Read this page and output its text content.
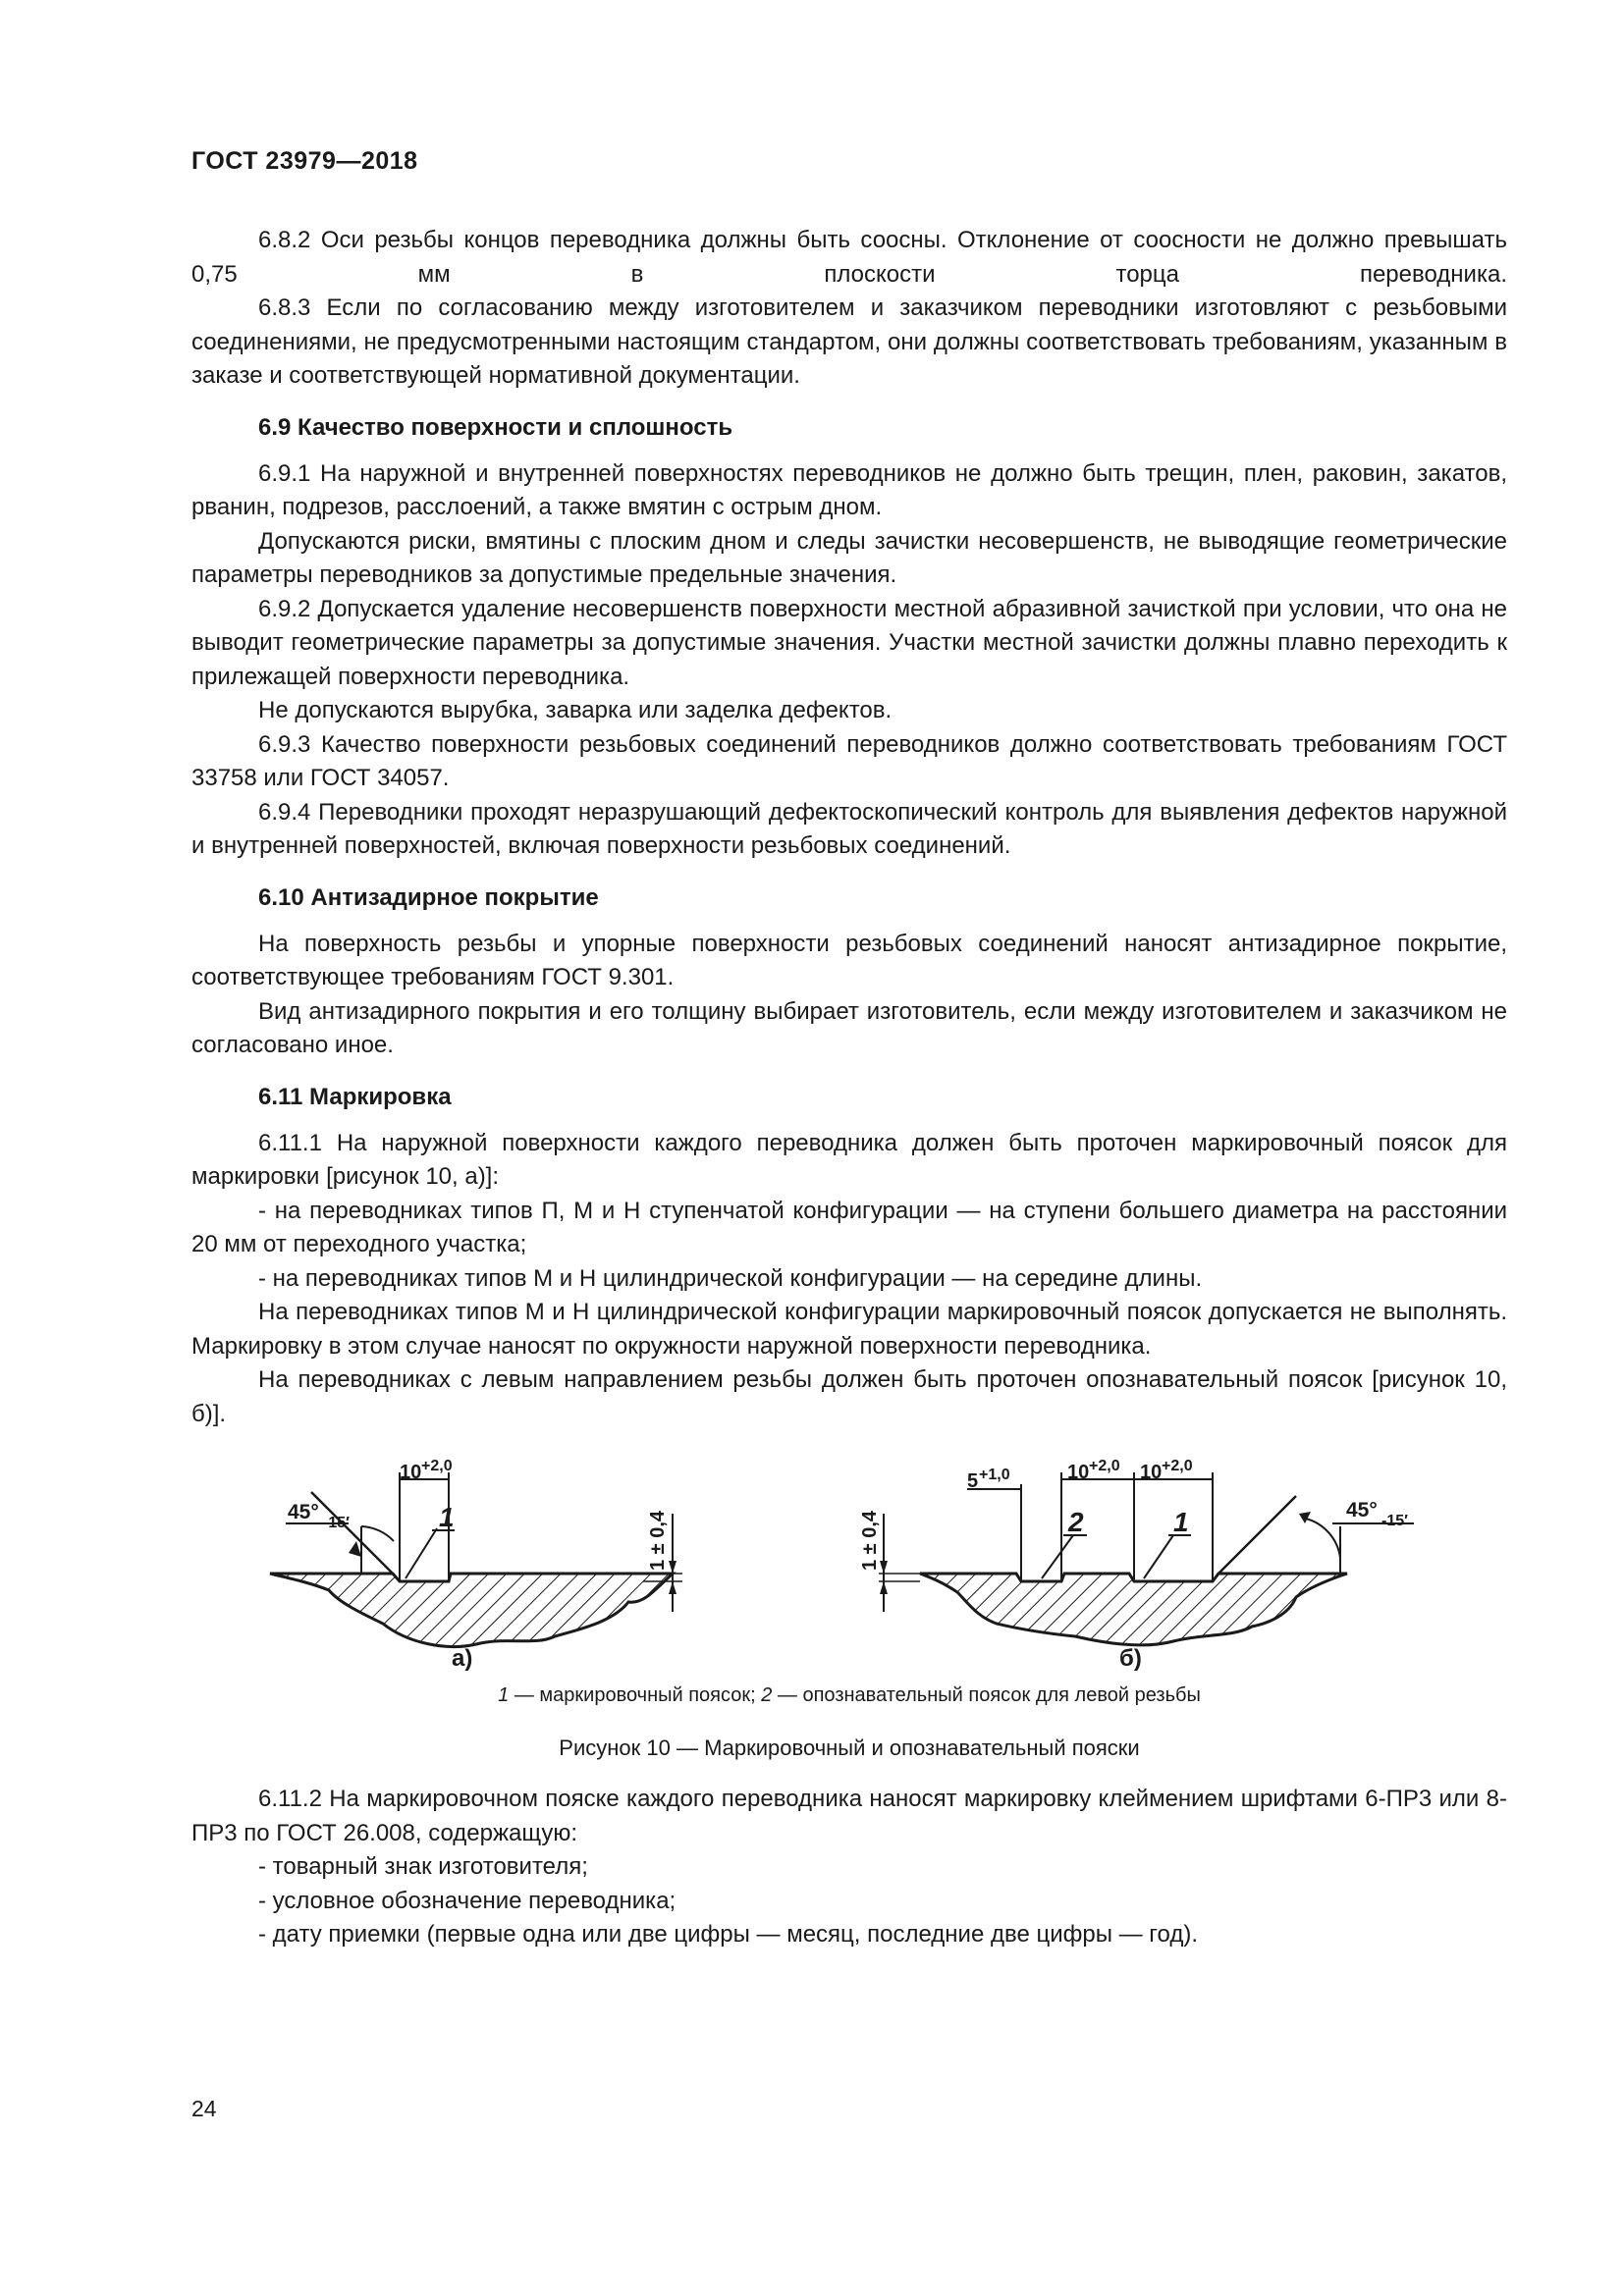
ГОСТ 23979—2018

6.8.2 Оси резьбы концов переводника должны быть соосны. Отклонение от соосности не должно превышать 0,75 мм в плоскости торца переводника.

6.8.3 Если по согласованию между изготовителем и заказчиком переводники изготовляют с резьбовыми соединениями, не предусмотренными настоящим стандартом, они должны соответствовать требованиям, указанным в заказе и соответствующей нормативной документации.

6.9 Качество поверхности и сплошность

6.9.1 На наружной и внутренней поверхностях переводников не должно быть трещин, плен, раковин, закатов, рванин, подрезов, расслоений, а также вмятин с острым дном.

Допускаются риски, вмятины с плоским дном и следы зачистки несовершенств, не выводящие геометрические параметры переводников за допустимые предельные значения.

6.9.2 Допускается удаление несовершенств поверхности местной абразивной зачисткой при условии, что она не выводит геометрические параметры за допустимые значения. Участки местной зачистки должны плавно переходить к прилежащей поверхности переводника.

Не допускаются вырубка, заварка или заделка дефектов.

6.9.3 Качество поверхности резьбовых соединений переводников должно соответствовать требованиям ГОСТ 33758 или ГОСТ 34057.

6.9.4 Переводники проходят неразрушающий дефектоскопический контроль для выявления дефектов наружной и внутренней поверхностей, включая поверхности резьбовых соединений.

6.10 Антизадирное покрытие

На поверхность резьбы и упорные поверхности резьбовых соединений наносят антизадирное покрытие, соответствующее требованиям ГОСТ 9.301.

Вид антизадирного покрытия и его толщину выбирает изготовитель, если между изготовителем и заказчиком не согласовано иное.

6.11 Маркировка

6.11.1 На наружной поверхности каждого переводника должен быть проточен маркировочный поясок для маркировки [рисунок 10, а)]:

- на переводниках типов П, М и Н ступенчатой конфигурации — на ступени большего диаметра на расстоянии 20 мм от переходного участка;

- на переводниках типов М и Н цилиндрической конфигурации — на середине длины.

На переводниках типов М и Н цилиндрической конфигурации маркировочный поясок допускается не выполнять. Маркировку в этом случае наносят по окружности наружной поверхности переводника.

На переводниках с левым направлением резьбы должен быть проточен опознавательный поясок [рисунок 10, б)].

45° -15′
10 +2,0
1	1 ± 0,4
а)
45° -15′
5 +1,0	10 +2,0 10 +2,0
2	1
1 ± 0,4
б)
1 — маркировочный поясок; 2 — опознавательный поясок для левой резьбы
Рисунок 10 — Маркировочный и опознавательный пояски

6.11.2 На маркировочном пояске каждого переводника наносят маркировку клеймением шрифтами 6-ПР3 или 8-ПР3 по ГОСТ 26.008, содержащую:

- товарный знак изготовителя;

- условное обозначение переводника;

- дату приемки (первые одна или две цифры — месяц, последние две цифры — год).

24
